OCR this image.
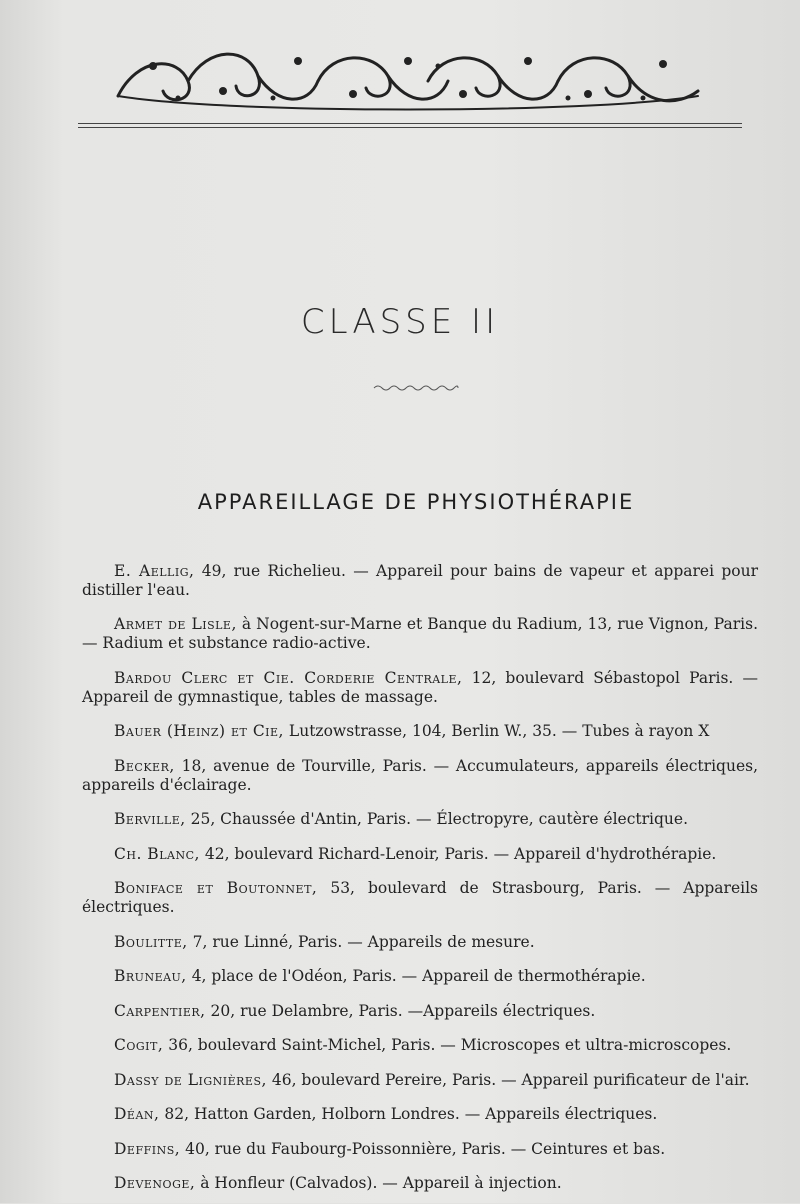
CLASSE II
APPAREILLAGE DE PHYSIOTHÉRAPIE

E. Aellig, 49, rue Richelieu. — Appareil pour bains de vapeur et apparei pour distiller l'eau.

Armet de Lisle, à Nogent-sur-Marne et Banque du Radium, 13, rue Vignon, Paris. — Radium et substance radio-active.

Bardou Clerc et Cie. Corderie Centrale, 12, boulevard Sébastopol Paris. — Appareil de gymnastique, tables de massage.

Bauer (Heinz) et Cie, Lutzowstrasse, 104, Berlin W., 35. — Tubes à rayon X

Becker, 18, avenue de Tourville, Paris. — Accumulateurs, appareils électriques, appareils d'éclairage.

Berville, 25, Chaussée d'Antin, Paris. — Électropyre, cautère électrique.

Ch. Blanc, 42, boulevard Richard-Lenoir, Paris. — Appareil d'hydrothérapie.

Boniface et Boutonnet, 53, boulevard de Strasbourg, Paris. — Appareils électriques.

Boulitte, 7, rue Linné, Paris. — Appareils de mesure.

Bruneau, 4, place de l'Odéon, Paris. — Appareil de thermothérapie.

Carpentier, 20, rue Delambre, Paris. —Appareils électriques.

Cogit, 36, boulevard Saint-Michel, Paris. — Microscopes et ultra-microscopes.

Dassy de Lignières, 46, boulevard Pereire, Paris. — Appareil purificateur de l'air.

Déan, 82, Hatton Garden, Holborn Londres. — Appareils électriques.

Deffins, 40, rue du Faubourg-Poissonnière, Paris. — Ceintures et bas.

Devenoge, à Honfleur (Calvados). — Appareil à injection.
